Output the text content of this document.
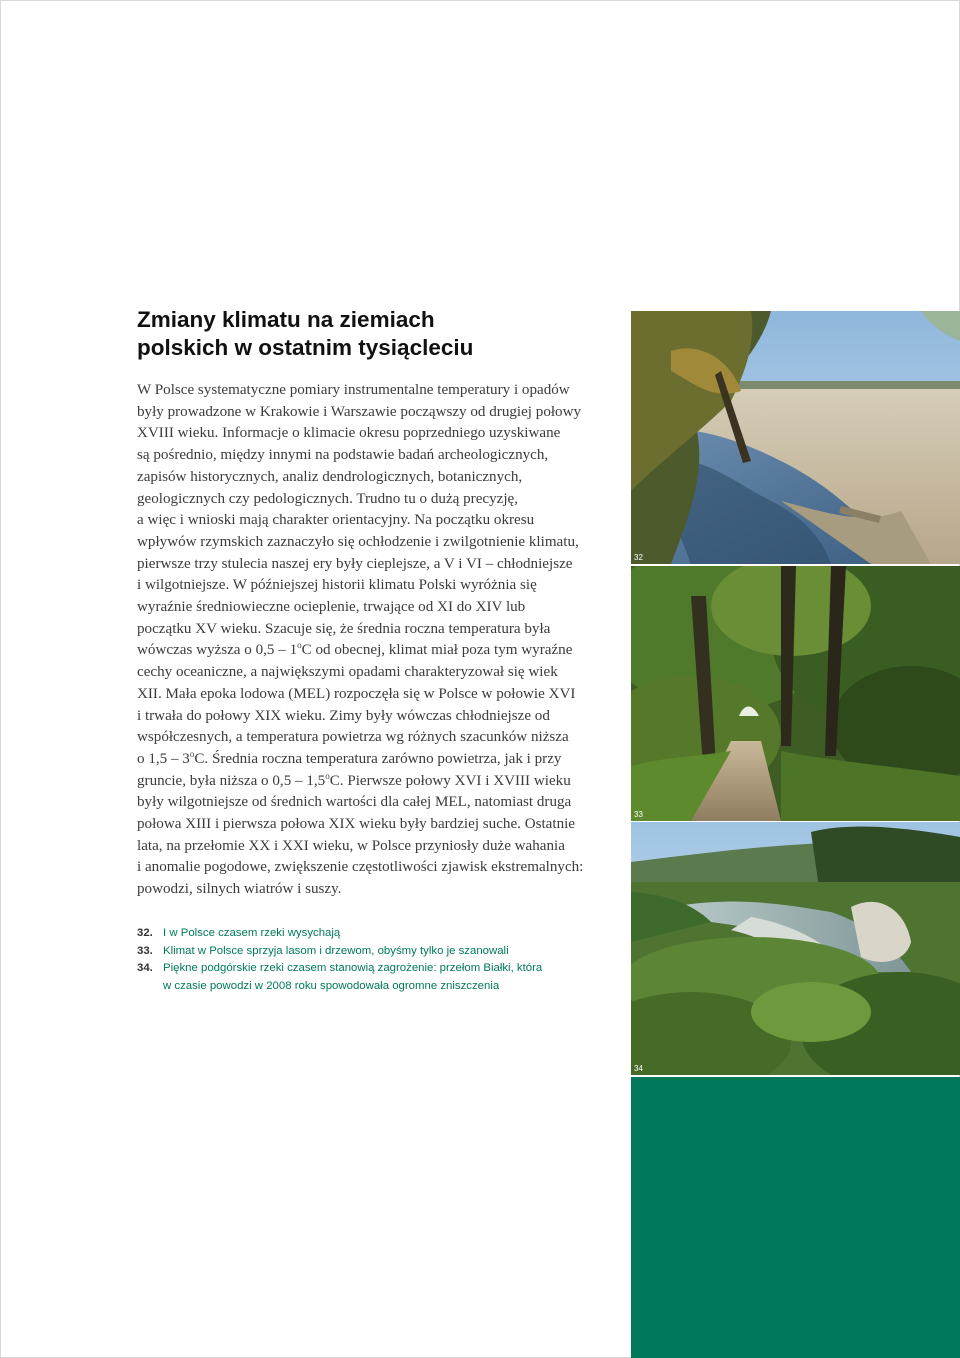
Zmiany klimatu na ziemiach
polskich w ostatnim tysiącleciu
W Polsce systematyczne pomiary instrumentalne temperatury i opadów
były prowadzone w Krakowie i Warszawie począwszy od drugiej połowy
XVIII wieku. Informacje o klimacie okresu poprzedniego uzyskiwane
są pośrednio, między innymi na podstawie badań archeologicznych,
zapisów historycznych, analiz dendrologicznych, botanicznych,
geologicznych czy pedologicznych. Trudno tu o dużą precyzję,
a więc i wnioski mają charakter orientacyjny. Na początku okresu
wpływów rzymskich zaznaczyło się ochłodzenie i zwilgotnienie klimatu,
pierwsze trzy stulecia naszej ery były cieplejsze, a V i VI – chłodniejsze
i wilgotniejsze. W późniejszej historii klimatu Polski wyróżnia się
wyraźnie średniowieczne ocieplenie, trwające od XI do XIV lub
początku XV wieku. Szacuje się, że średnia roczna temperatura była
wówczas wyższa o 0,5 – 1$^o$C od obecnej, klimat miał poza tym wyraźne
cechy oceaniczne, a największymi opadami charakteryzował się wiek
XII. Mała epoka lodowa (MEL) rozpoczęła się w Polsce w połowie XVI
i trwała do połowy XIX wieku. Zimy były wówczas chłodniejsze od
współczesnych, a temperatura powietrza wg różnych szacunków niższa
o 1,5 – 3$^o$C. Średnia roczna temperatura zarówno powietrza, jak i przy
gruncie, była niższa o 0,5 – 1,5$^o$C. Pierwsze połowy XVI i XVIII wieku
były wilgotniejsze od średnich wartości dla całej MEL, natomiast druga
połowa XIII i pierwsza połowa XIX wieku były bardziej suche. Ostatnie
lata, na przełomie XX i XXI wieku, w Polsce przyniosły duże wahania
i anomalie pogodowe, zwiększenie częstotliwości zjawisk ekstremalnych:
powodzi, silnych wiatrów i suszy.
32. I w Polsce czasem rzeki wysychają
33. Klimat w Polsce sprzyja lasom i drzewom, obyśmy tylko je szanowali
34. Piękne podgórskie rzeki czasem stanowią zagrożenie: przełom Białki, która
w czasie powodzi w 2008 roku spowodowała ogromne zniszczenia
32
33
34
